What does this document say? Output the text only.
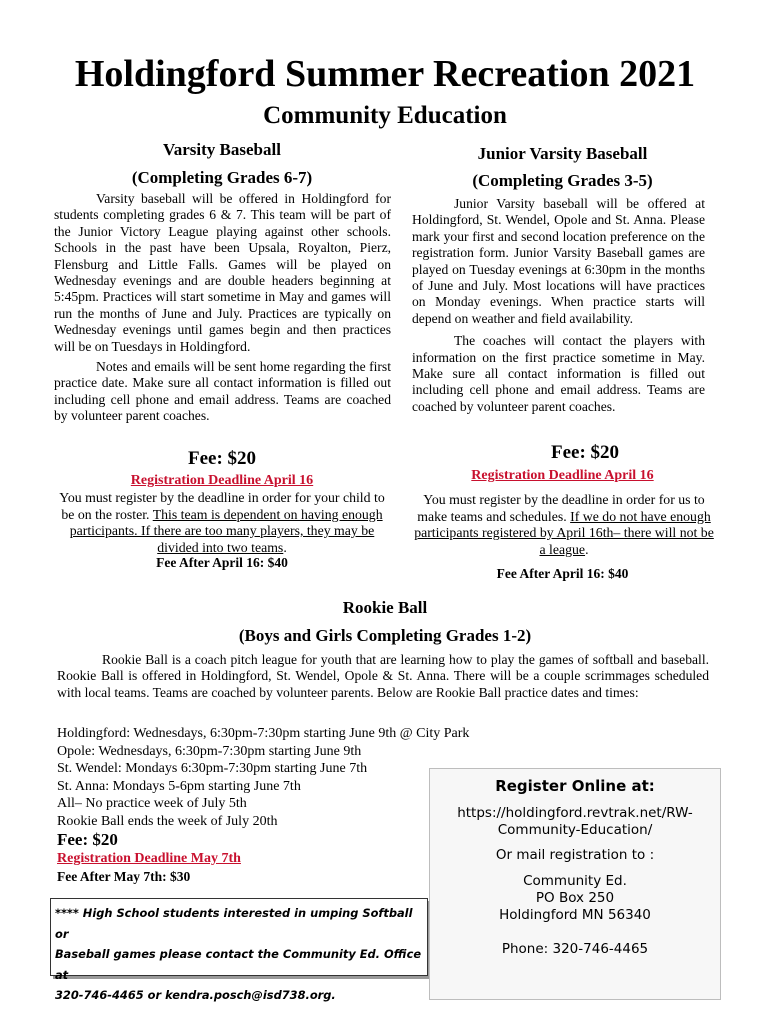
Holdingford Summer Recreation 2021
Community Education
Varsity Baseball
(Completing Grades 6-7)

Varsity baseball will be offered in Holdingford for students completing grades 6 & 7. This team will be part of the Junior Victory League playing against other schools. Schools in the past have been Upsala, Royalton, Pierz, Flensburg and Little Falls. Games will be played on Wednesday evenings and are double headers beginning at 5:45pm. Practices will start sometime in May and games will run the months of June and July. Practices are typically on Wednesday evenings until games begin and then practices will be on Tuesdays in Holdingford.

Notes and emails will be sent home regarding the first practice date. Make sure all contact information is filled out including cell phone and email address. Teams are coached by volunteer parent coaches.

Fee: $20
Registration Deadline April 16
You must register by the deadline in order for your child to be on the roster. This team is dependent on having enough participants. If there are too many players, they may be divided into two teams.
Fee After April 16: $40
Junior Varsity Baseball
(Completing Grades 3-5)

Junior Varsity baseball will be offered at Holdingford, St. Wendel, Opole and St. Anna. Please mark your first and second location preference on the registration form. Junior Varsity Baseball games are played on Tuesday evenings at 6:30pm in the months of June and July. Most locations will have practices on Monday evenings. When practice starts will depend on weather and field availability.

The coaches will contact the players with information on the first practice sometime in May. Make sure all contact information is filled out including cell phone and email address. Teams are coached by volunteer parent coaches.

Fee: $20
Registration Deadline April 16
You must register by the deadline in order for us to make teams and schedules. If we do not have enough participants registered by April 16th– there will not be a league.
Fee After April 16: $40
Rookie Ball
(Boys and Girls Completing Grades 1-2)

Rookie Ball is a coach pitch league for youth that are learning how to play the games of softball and baseball. Rookie Ball is offered in Holdingford, St. Wendel, Opole & St. Anna. There will be a couple scrimmages scheduled with local teams. Teams are coached by volunteer parents. Below are Rookie Ball practice dates and times:

Holdingford: Wednesdays, 6:30pm-7:30pm starting June 9th @ City Park
Opole: Wednesdays, 6:30pm-7:30pm starting June 9th
St. Wendel: Mondays 6:30pm-7:30pm starting June 7th
St. Anna: Mondays 5-6pm starting June 7th
All– No practice week of July 5th
Rookie Ball ends the week of July 20th
Fee: $20
Registration Deadline May 7th
Fee After May 7th: $30
**** High School students interested in umping Softball or
Baseball games please contact the Community Ed. Office at
320-746-4465 or kendra.posch@isd738.org.
Register Online at:
https://holdingford.revtrak.net/RW-
Community-Education/
Or mail registration to :
Community Ed.
PO Box 250
Holdingford MN 56340
Phone: 320-746-4465
